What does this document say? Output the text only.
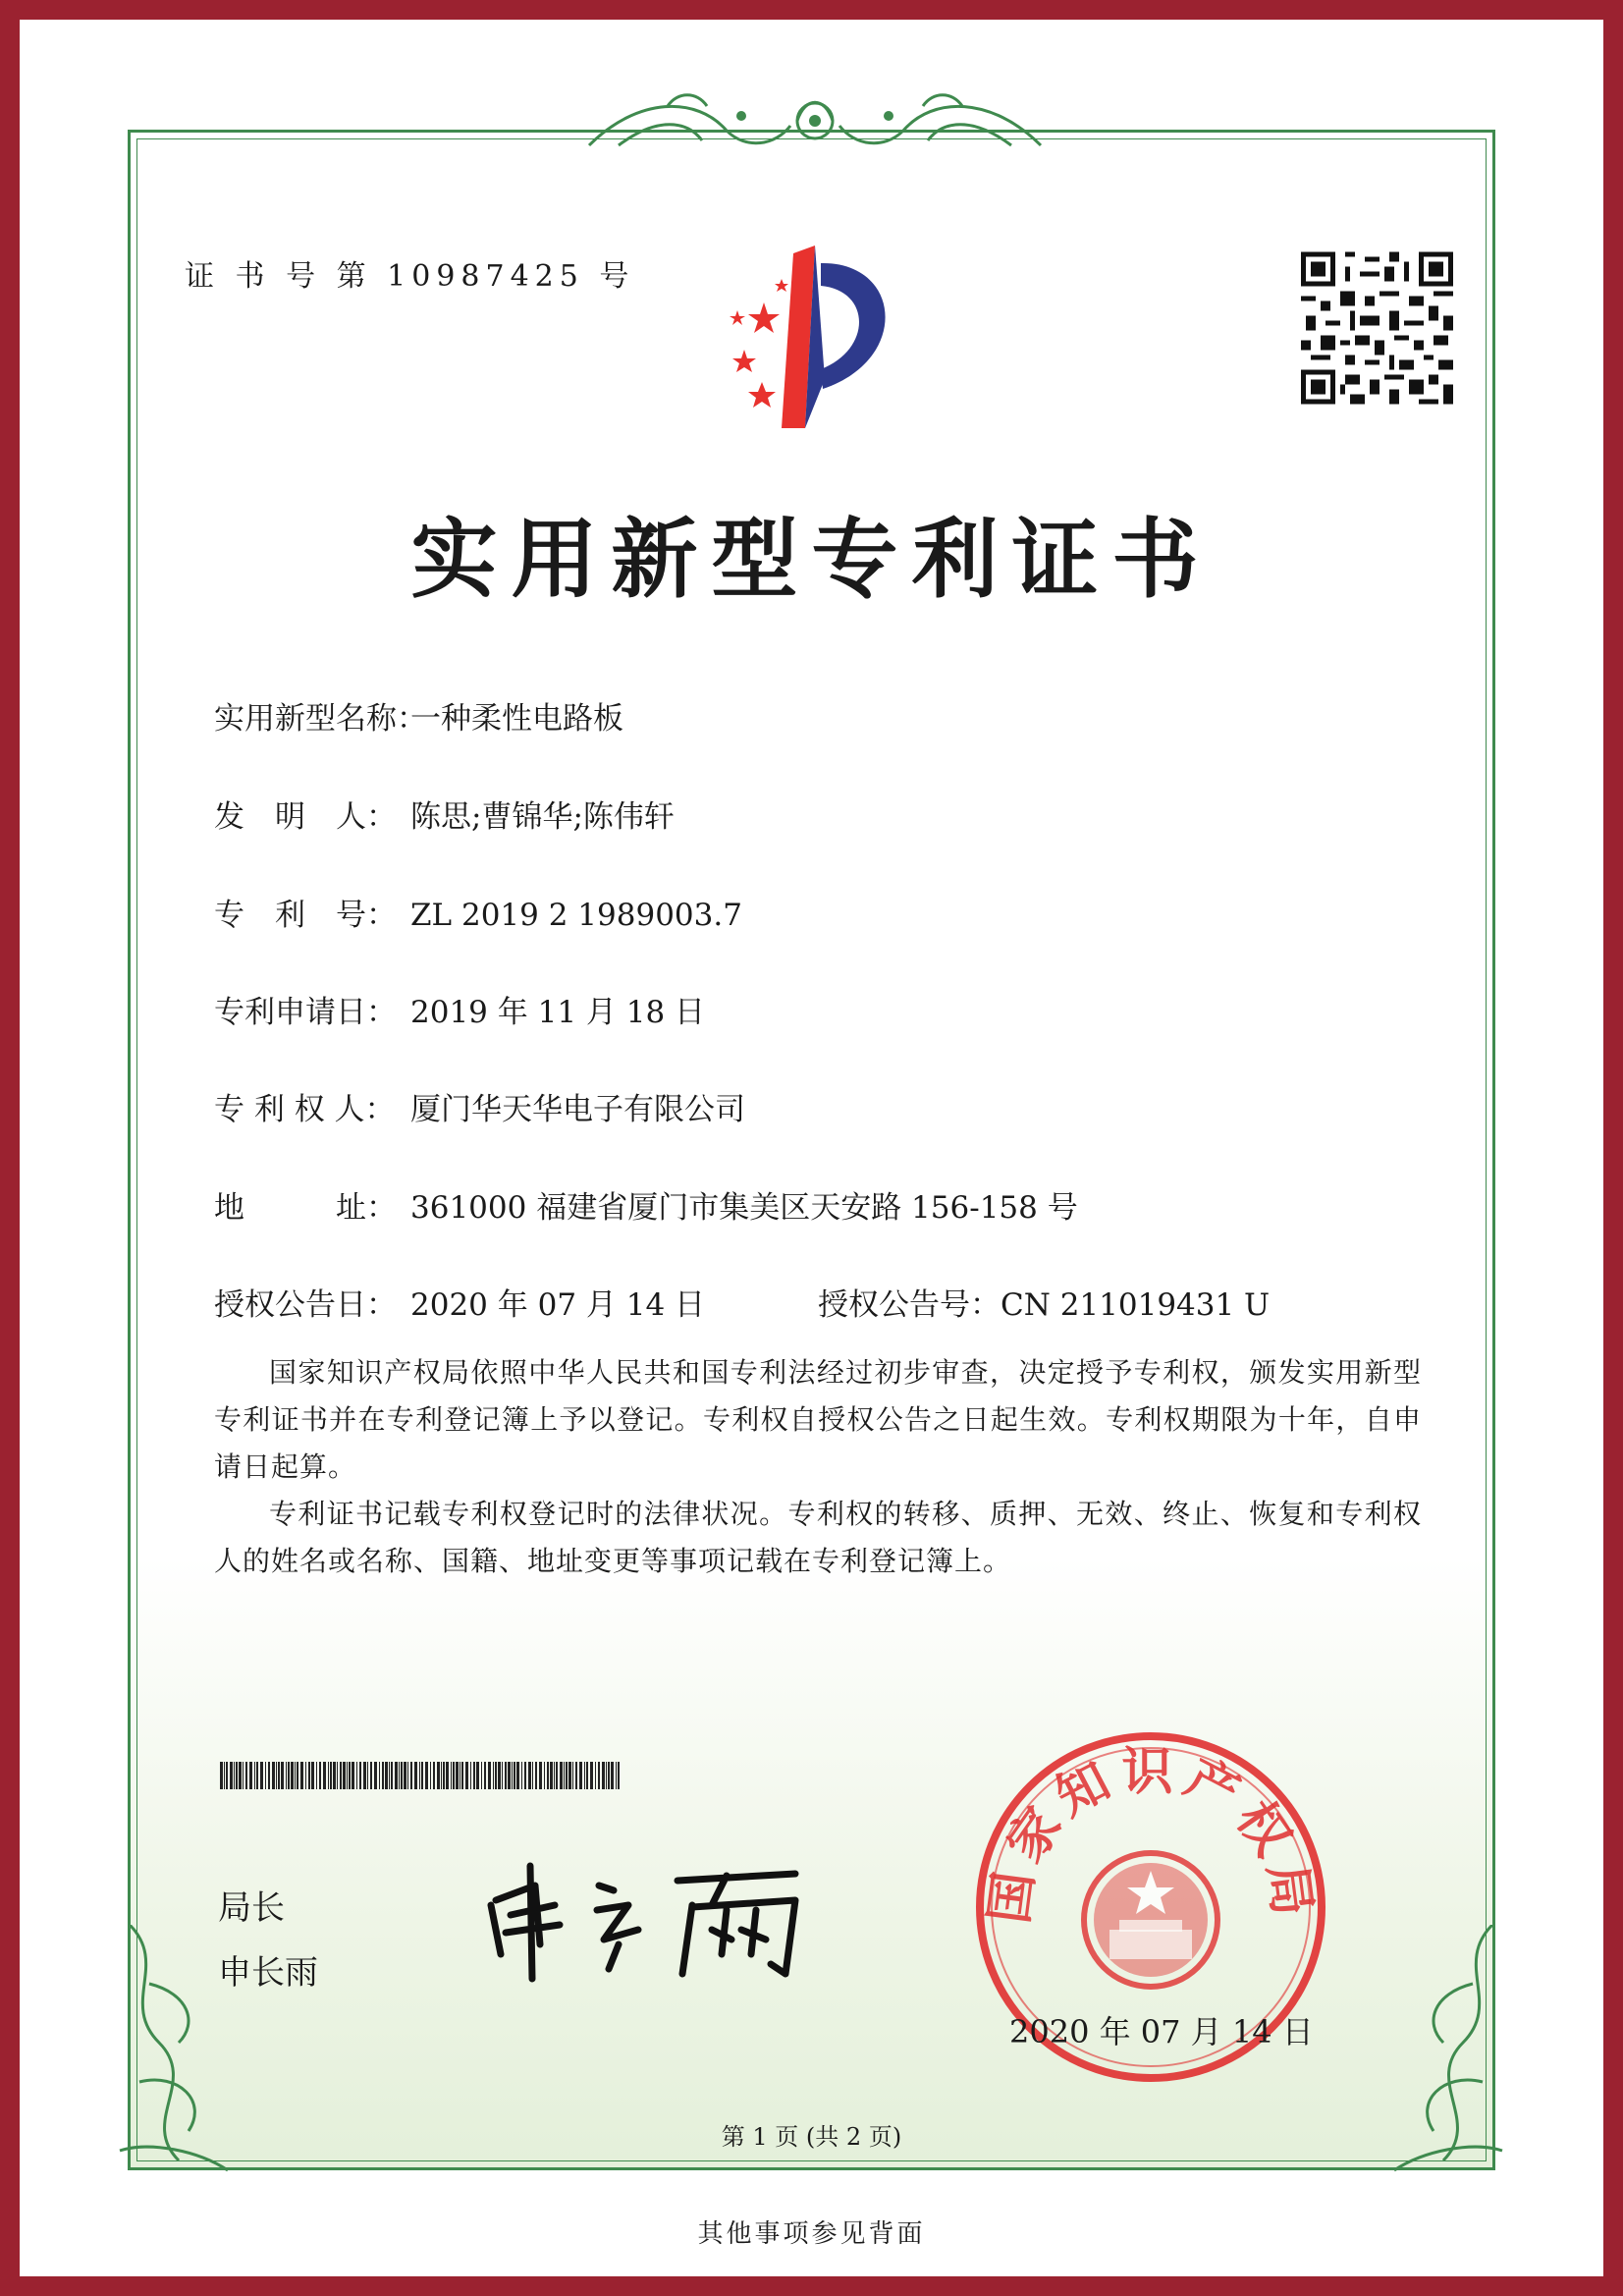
证 书 号 第 10987425 号
实用新型专利证书
实用新型名称：一种柔性电路板
发　明　人： 陈思;曹锦华;陈伟轩
专　利　号： ZL 2019 2 1989003.7
专利申请日： 2019 年 11 月 18 日
专 利 权 人： 厦门华天华电子有限公司
地　　　址： 361000 福建省厦门市集美区天安路 156-158 号
授权公告日： 2020 年 07 月 14 日	授权公告号：CN 211019431 U
国家知识产权局依照中华人民共和国专利法经过初步审查，决定授予专利权，颁发实用新型专利证书并在专利登记簿上予以登记。专利权自授权公告之日起生效。专利权期限为十年，自申请日起算。
专利证书记载专利权登记时的法律状况。专利权的转移、质押、无效、终止、恢复和专利权人的姓名或名称、国籍、地址变更等事项记载在专利登记簿上。
局长
申长雨
国家知识产权局
2020 年 07 月 14 日
第 1 页 (共 2 页)
其他事项参见背面
